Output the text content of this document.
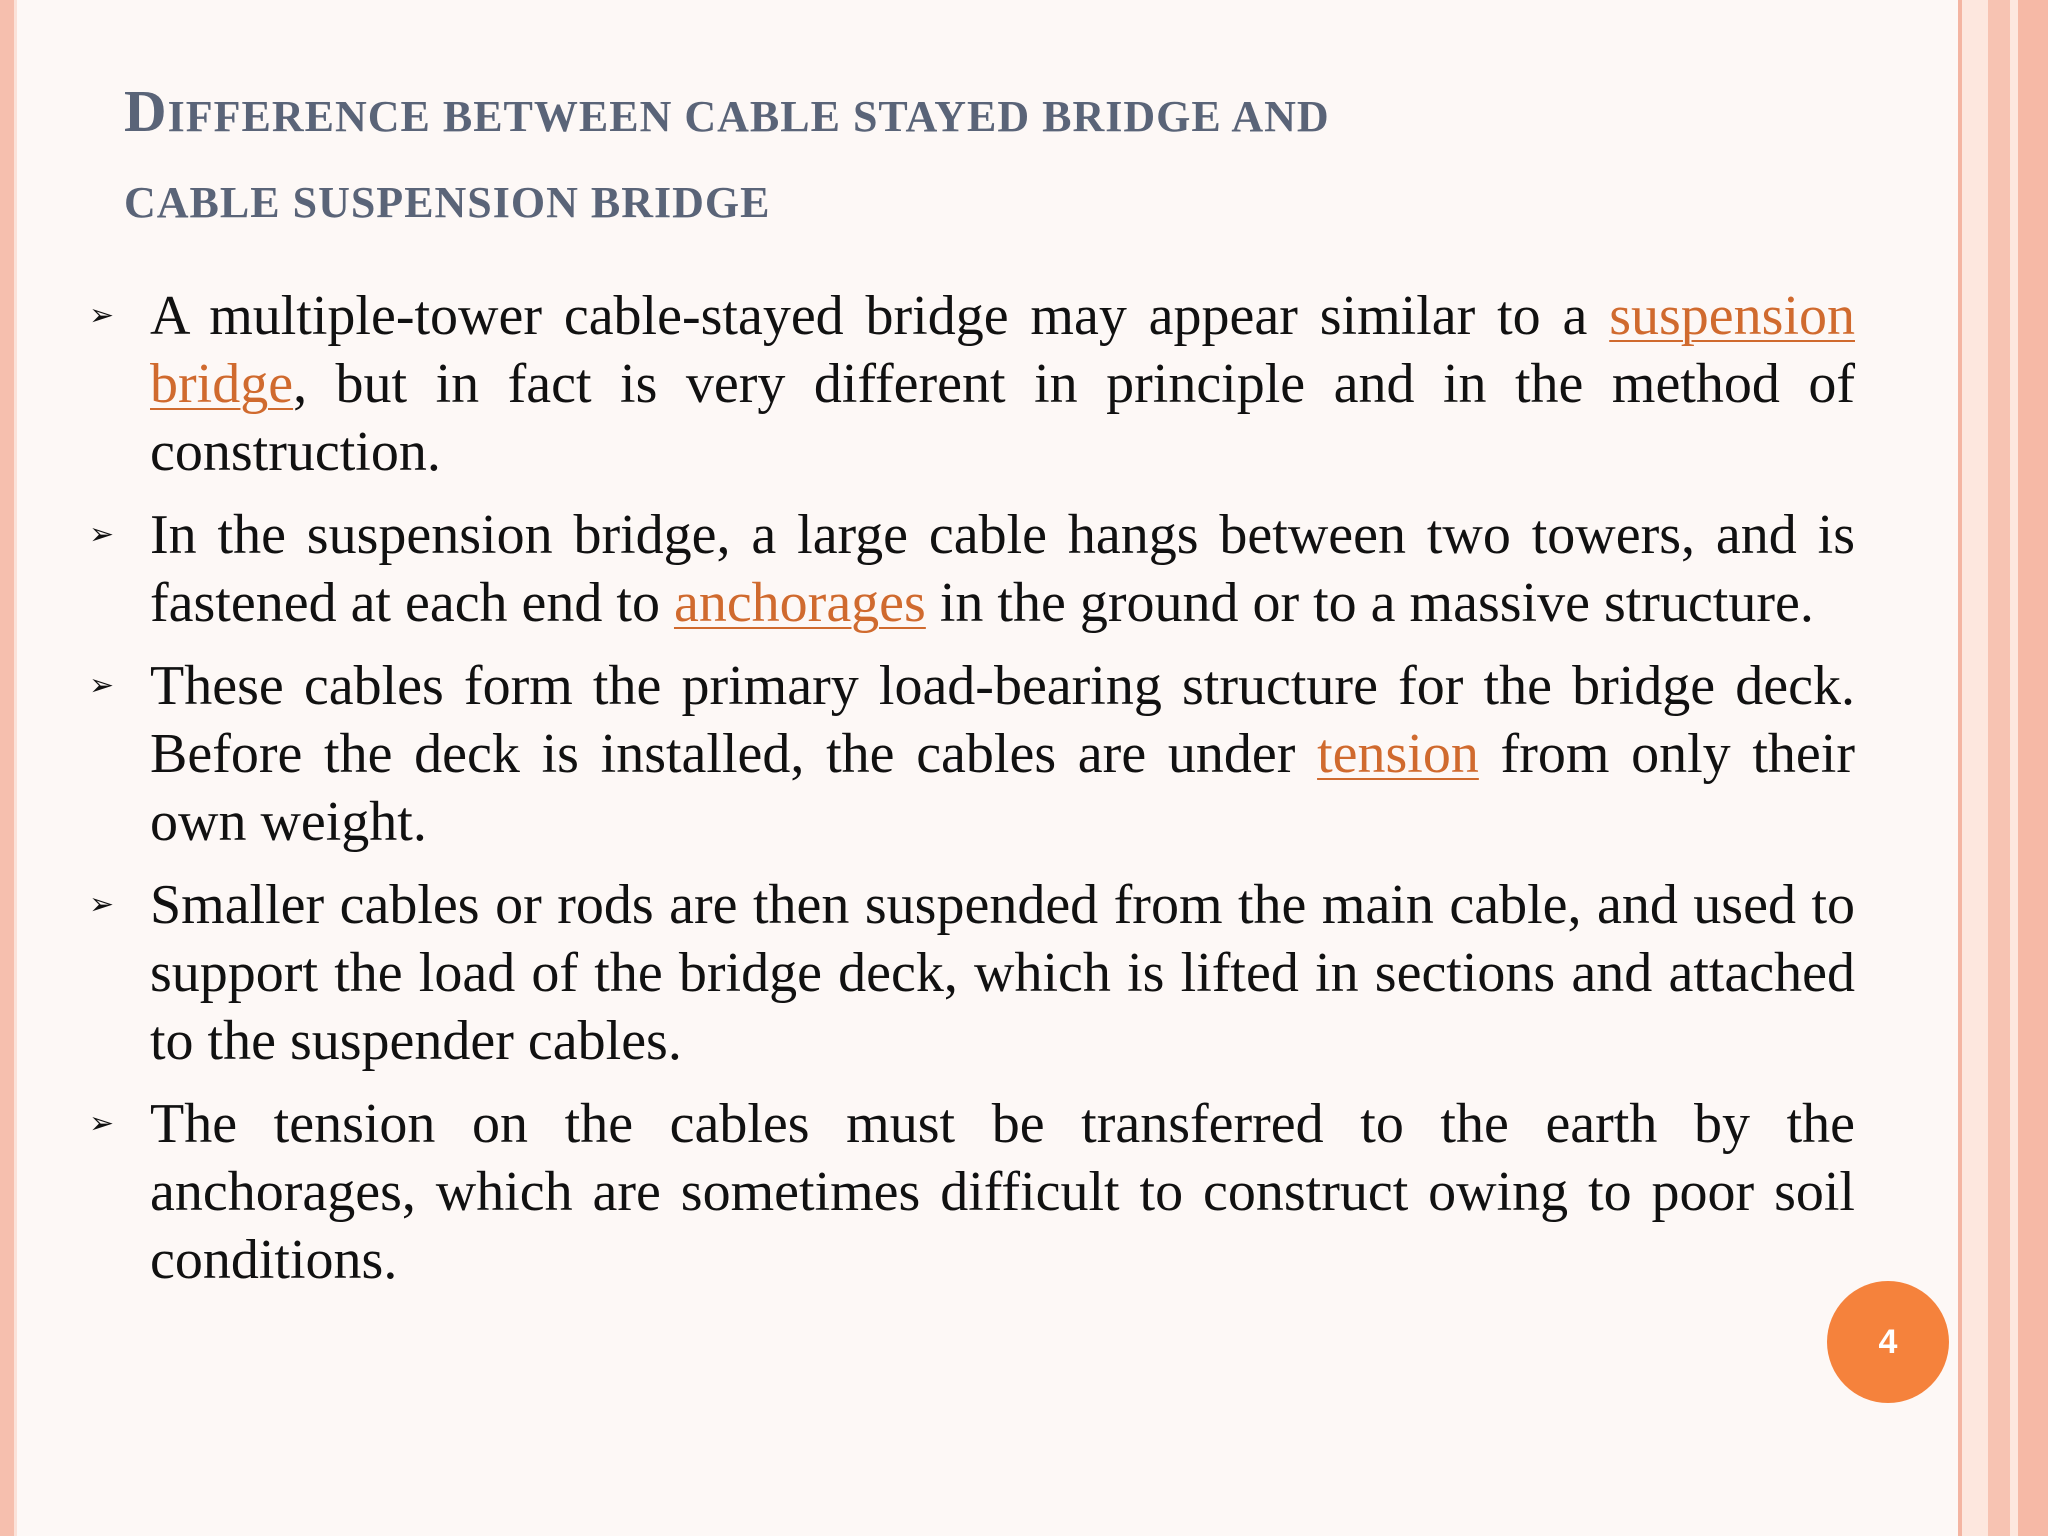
DIFFERENCE BETWEEN CABLE STAYED BRIDGE AND
CABLE SUSPENSION BRIDGE
➢ A multiple-tower cable-stayed bridge may appear similar to a suspension bridge, but in fact is very different in principle and in the method of construction.
➢ In the suspension bridge, a large cable hangs between two towers, and is fastened at each end to anchorages in the ground or to a massive structure.
➢ These cables form the primary load-bearing structure for the bridge deck. Before the deck is installed, the cables are under tension from only their own weight.
➢ Smaller cables or rods are then suspended from the main cable, and used to support the load of the bridge deck, which is lifted in sections and attached to the suspender cables.
➢ The tension on the cables must be transferred to the earth by the anchorages, which are sometimes difficult to construct owing to poor soil conditions.
4
